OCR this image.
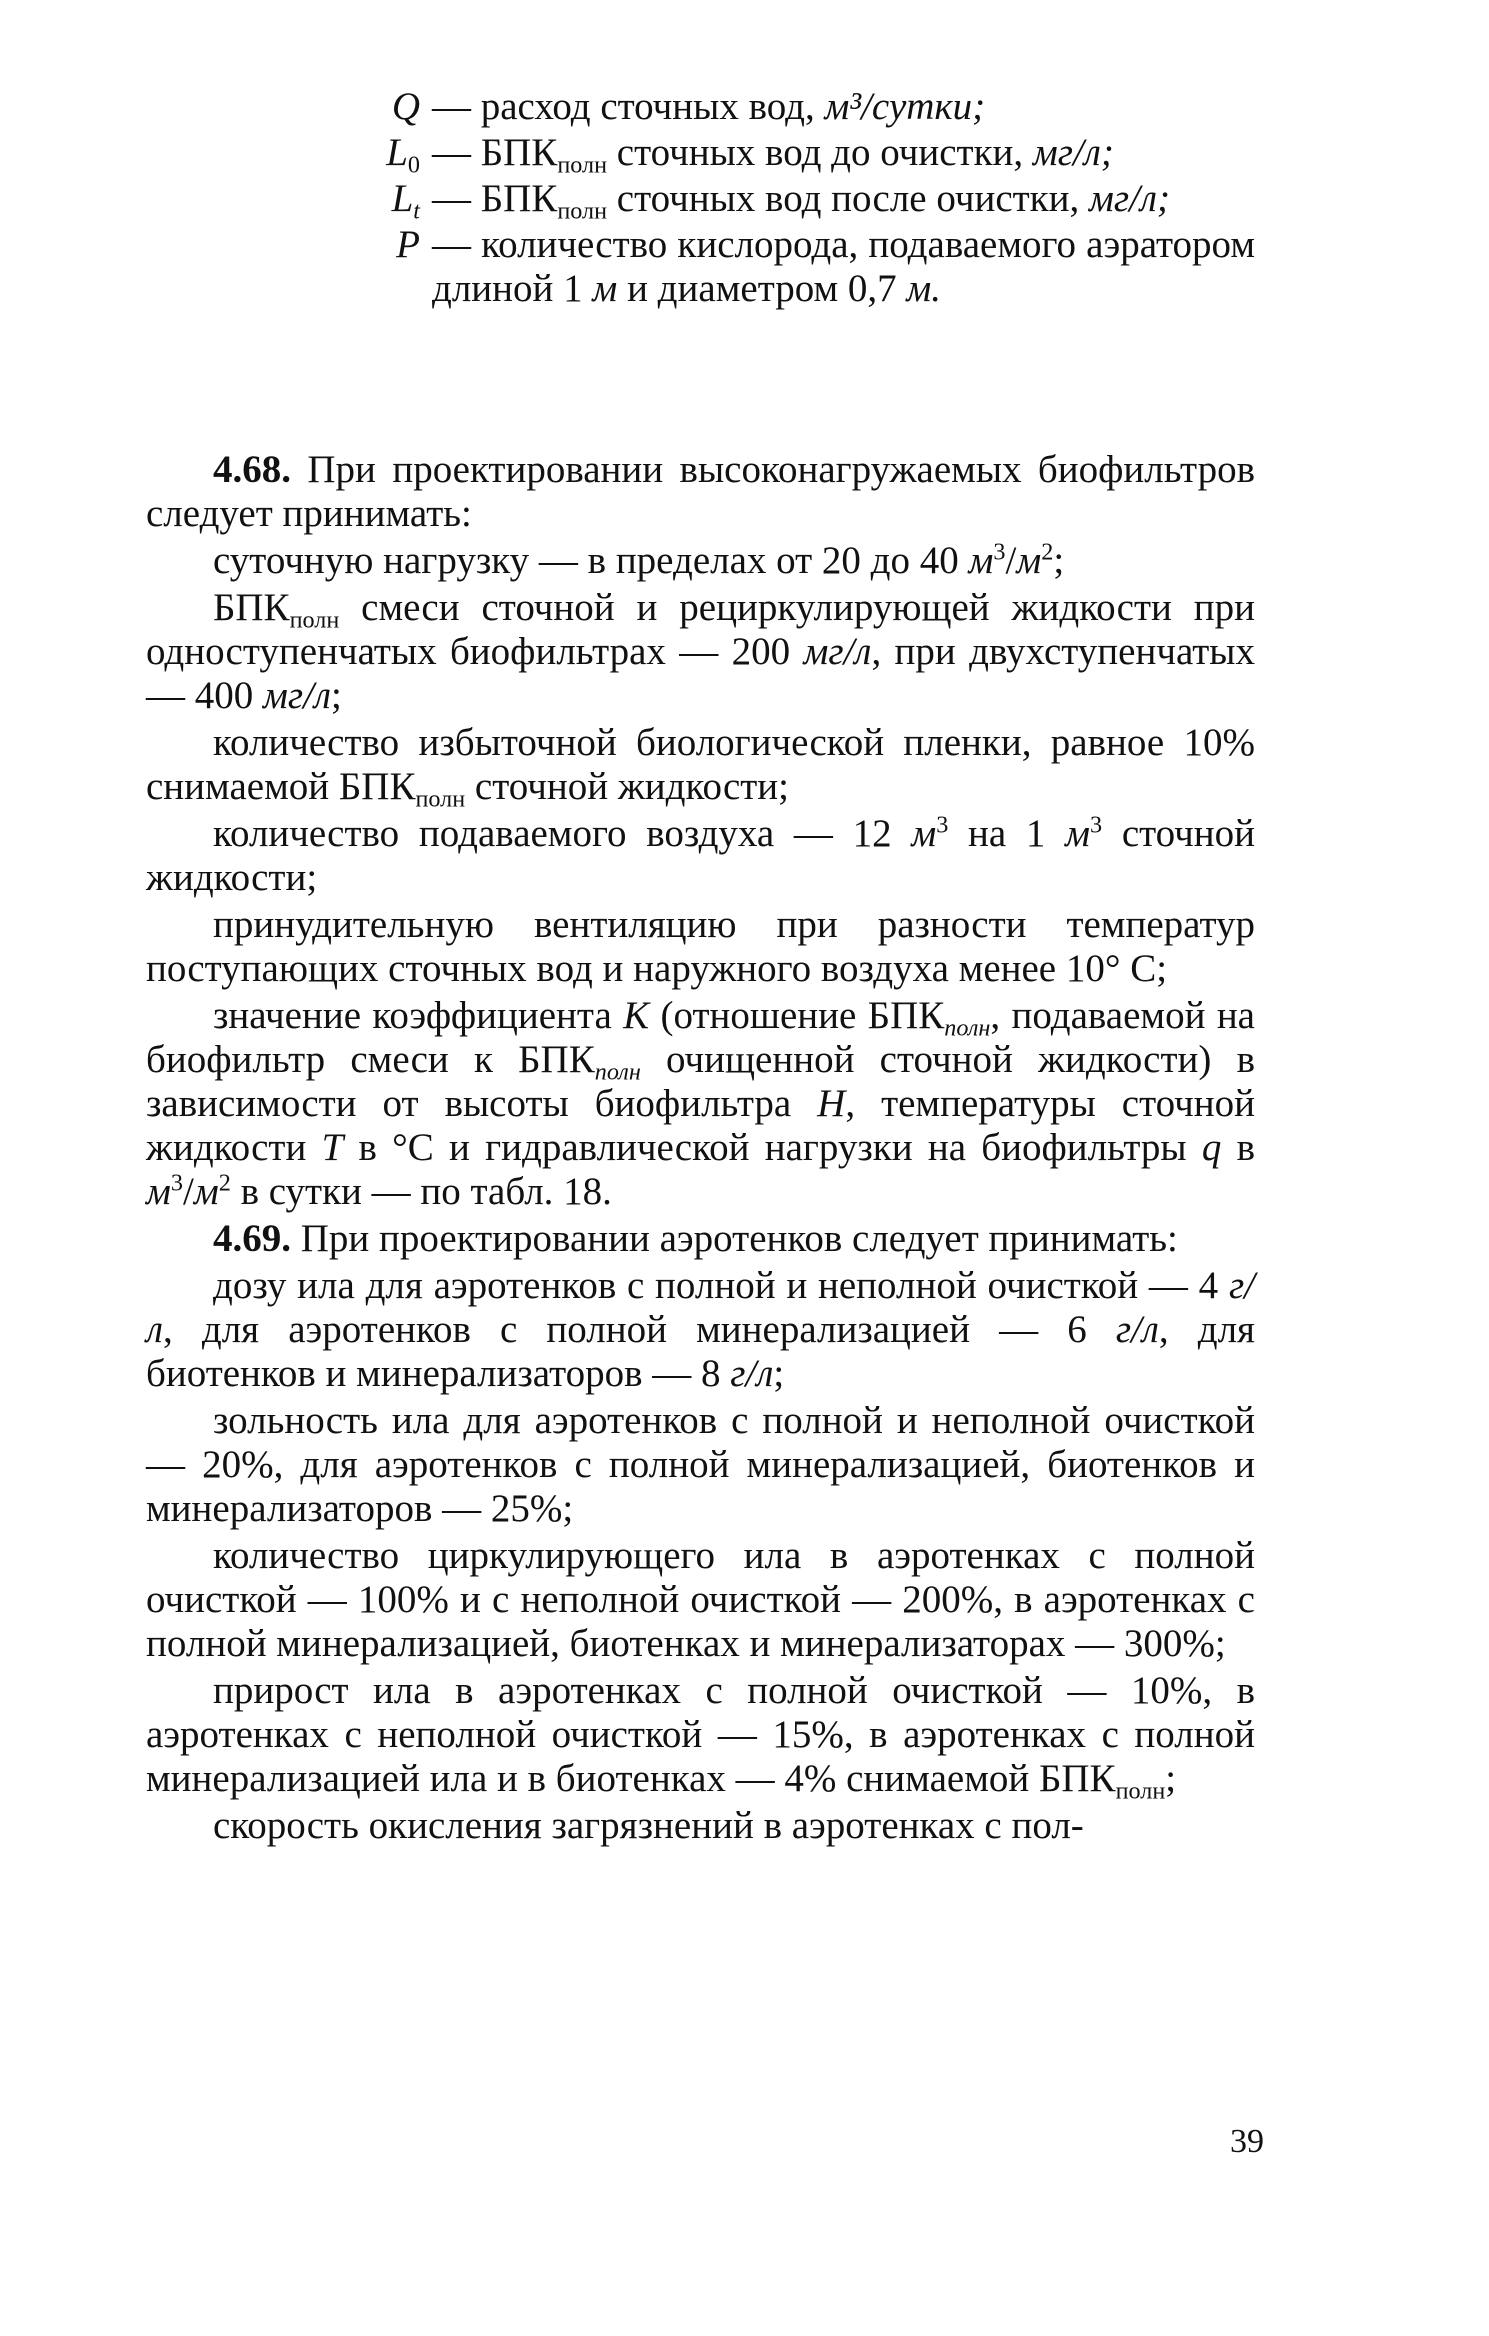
Q — расход сточных вод, м³/сутки;
$L_0$ — $БПК_{полн}$ сточных вод до очистки, мг/л;
$L_t$ — $БПК_{полн}$ сточных вод после очистки, мг/л;
P — количество кислорода, подаваемого аэратором длиной 1 м и диаметром 0,7 м.

4.68. При проектировании высоконагружаемых биофильтров следует принимать:

суточную нагрузку — в пределах от 20 до 40 $м^3/м^2$;

$БПК_{полн}$ смеси сточной и рециркулирующей жидкости при одноступенчатых биофильтрах — 200 мг/л, при двухступенчатых — 400 мг/л;

количество избыточной биологической пленки, равное 10% снимаемой $БПК_{полн}$ сточной жидкости;

количество подаваемого воздуха — 12 $м^3$ на 1 $м^3$ сточной жидкости;

принудительную вентиляцию при разности температур поступающих сточных вод и наружного воздуха менее 10° С;

значение коэффициента K (отношение $БПК_{полн}$, подаваемой на биофильтр смеси к $БПК_{полн}$ очищенной сточной жидкости) в зависимости от высоты биофильтра H, температуры сточной жидкости T в °С и гидравлической нагрузки на биофильтры q в $м^3/м^2$ в сутки — по табл. 18.

4.69. При проектировании аэротенков следует принимать:

дозу ила для аэротенков с полной и неполной очисткой — 4 г/л, для аэротенков с полной минерализацией — 6 г/л, для биотенков и минерализаторов — 8 г/л;

зольность ила для аэротенков с полной и неполной очисткой — 20%, для аэротенков с полной минерализацией, биотенков и минерализаторов — 25%;

количество циркулирующего ила в аэротенках с полной очисткой — 100% и с неполной очисткой — 200%, в аэротенках с полной минерализацией, биотенках и минерализаторах — 300%;

прирост ила в аэротенках с полной очисткой — 10%, в аэротенках с неполной очисткой — 15%, в аэротенках с полной минерализацией ила и в биотенках — 4% снимаемой $БПК_{полн}$;

скорость окисления загрязнений в аэротенках с пол-

39
